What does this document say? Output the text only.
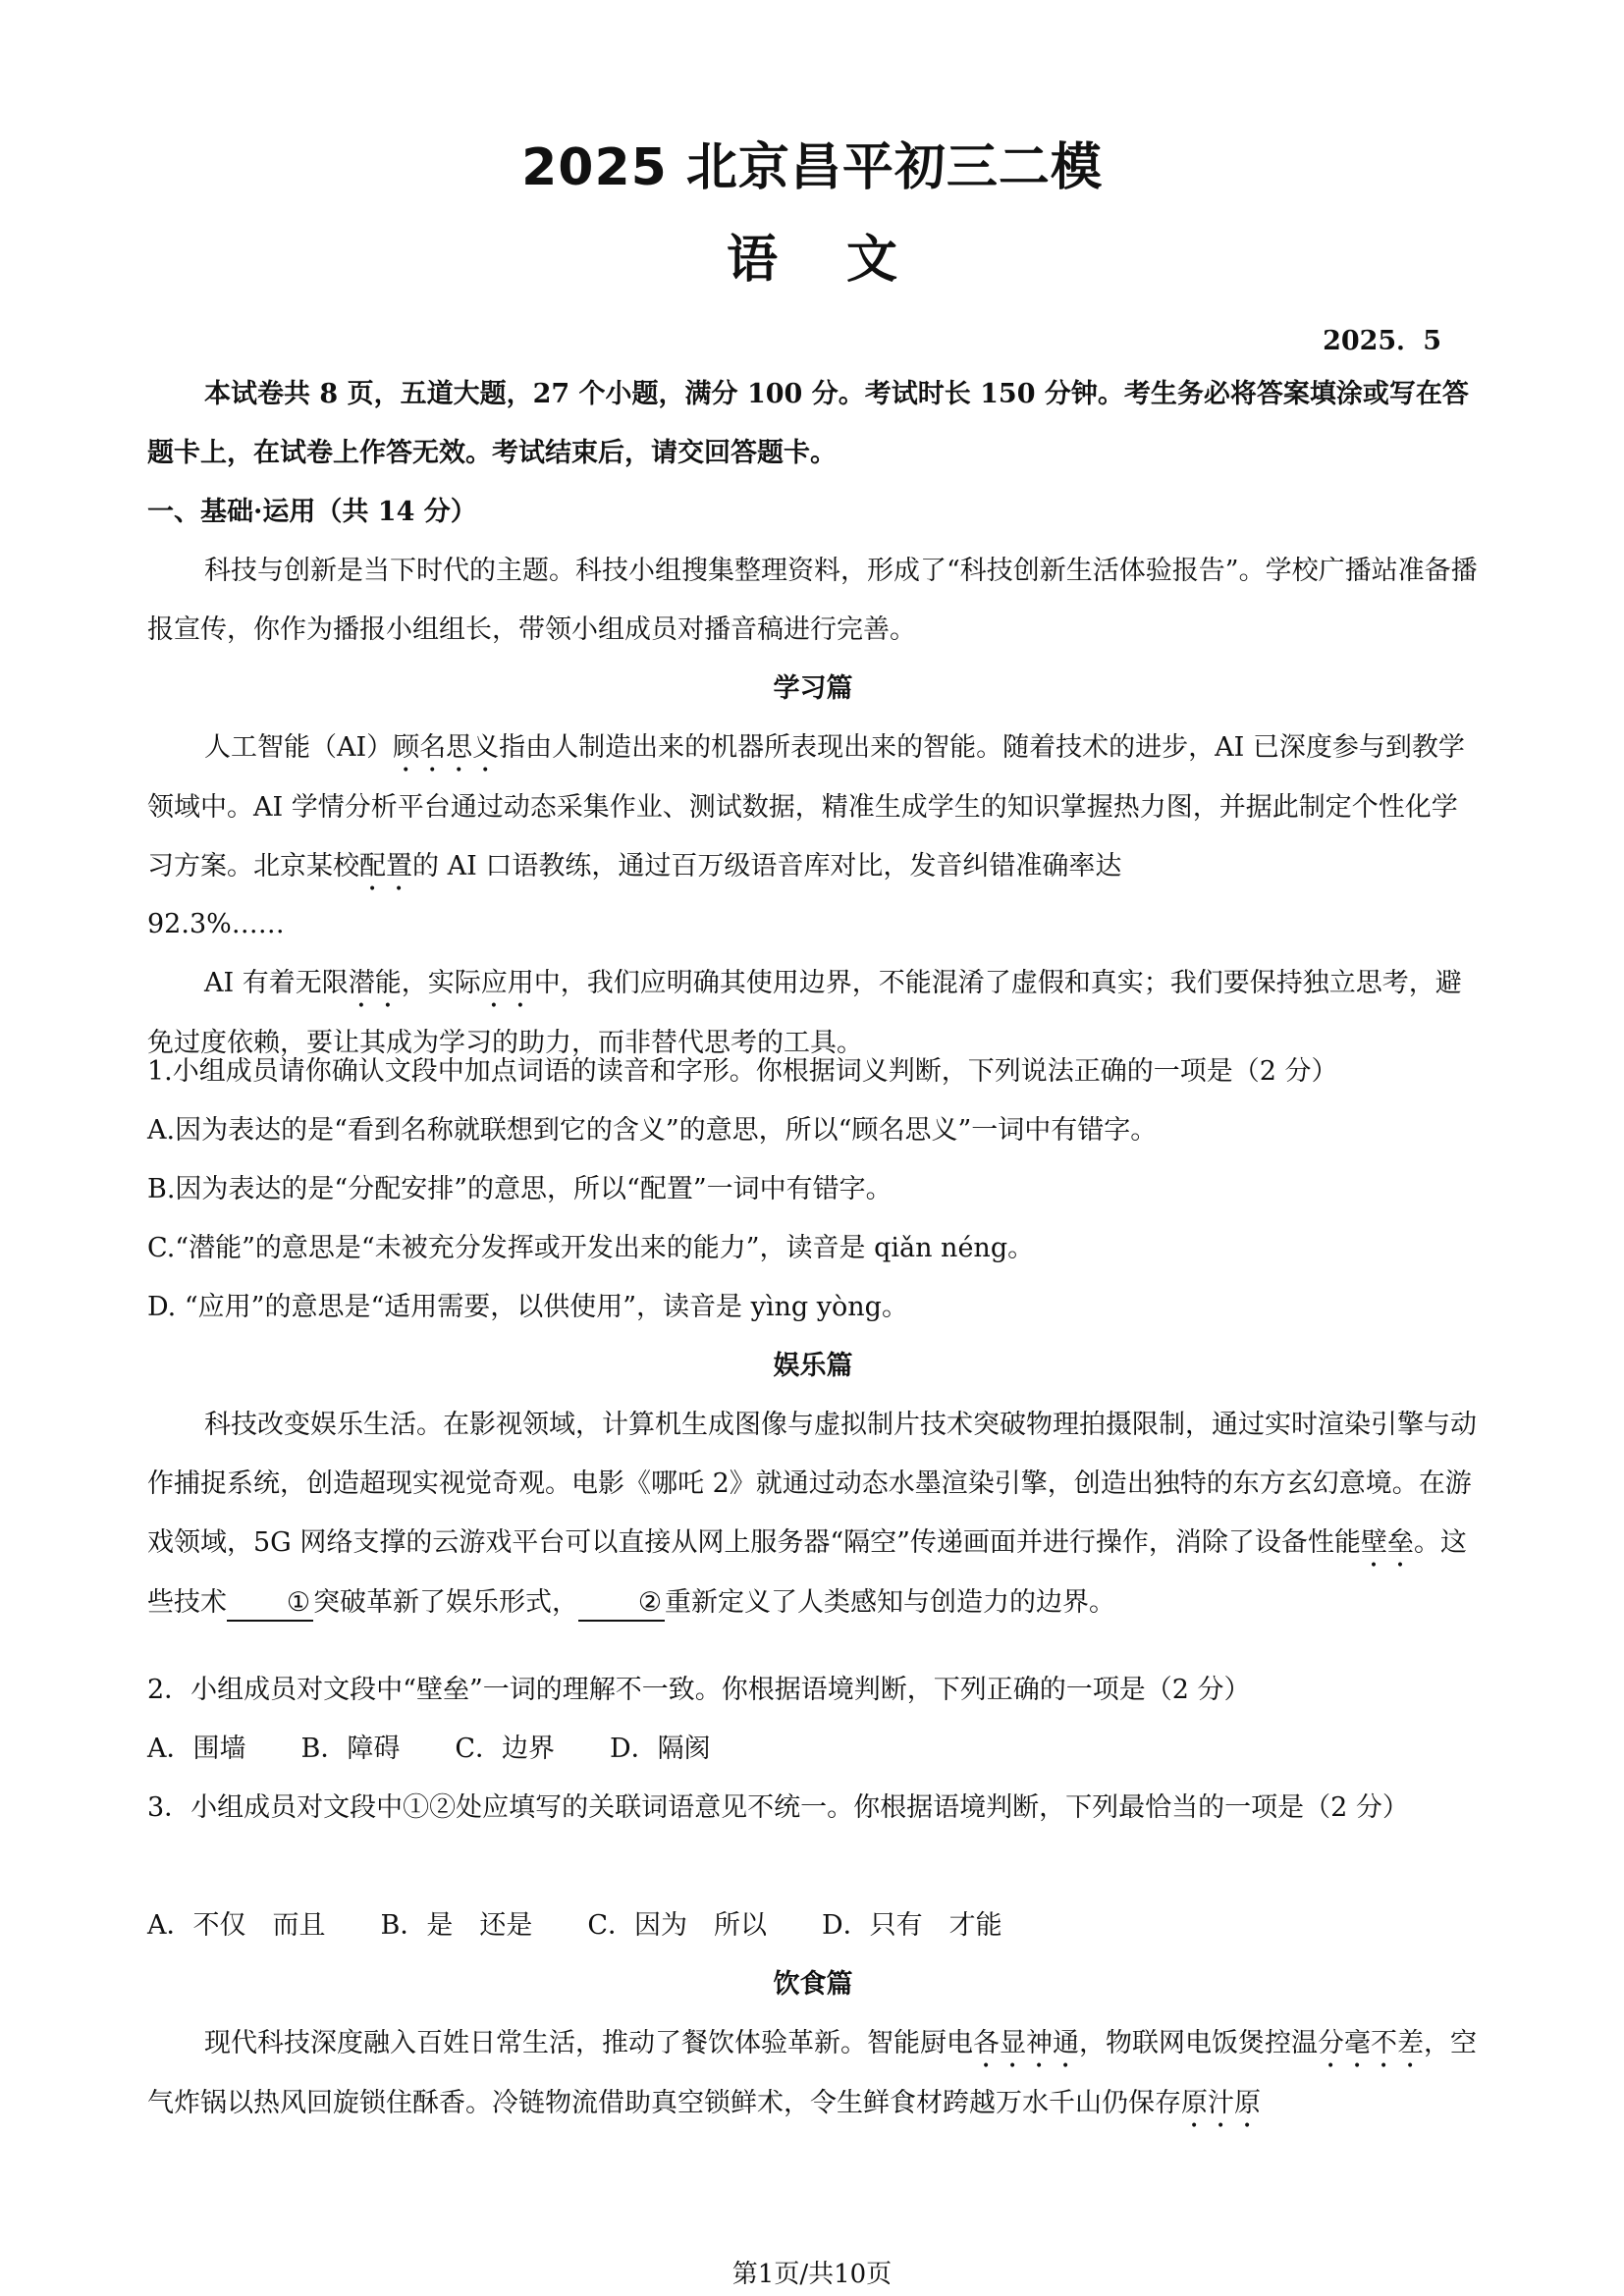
2025 北京昌平初三二模
语文
2025．5
本试卷共 8 页，五道大题，27 个小题，满分 100 分。考试时长 150 分钟。考生务必将答案填涂或写在答题卡上，在试卷上作答无效。考试结束后，请交回答题卡。
一、基础·运用（共 14 分）
科技与创新是当下时代的主题。科技小组搜集整理资料，形成了“科技创新生活体验报告”。学校广播站准备播报宣传，你作为播报小组组长，带领小组成员对播音稿进行完善。
学习篇
人工智能（AI）顾名思义指由人制造出来的机器所表现出来的智能。随着技术的进步，AI 已深度参与到教学领域中。AI 学情分析平台通过动态采集作业、测试数据，精准生成学生的知识掌握热力图，并据此制定个性化学习方案。北京某校配置的 AI 口语教练，通过百万级语音库对比，发音纠错准确率达
92.3%……
AI 有着无限潜能，实际应用中，我们应明确其使用边界，不能混淆了虚假和真实；我们要保持独立思考，避免过度依赖，要让其成为学习的助力，而非替代思考的工具。
1.小组成员请你确认文段中加点词语的读音和字形。你根据词义判断，下列说法正确的一项是（2 分）
A.因为表达的是“看到名称就联想到它的含义”的意思，所以“顾名思义”一词中有错字。
B.因为表达的是“分配安排”的意思，所以“配置”一词中有错字。
C.“潜能”的意思是“未被充分发挥或开发出来的能力”，读音是 qiǎn néng。
D. “应用”的意思是“适用需要，以供使用”，读音是 yìng yòng。
娱乐篇
科技改变娱乐生活。在影视领域，计算机生成图像与虚拟制片技术突破物理拍摄限制，通过实时渲染引擎与动作捕捉系统，创造超现实视觉奇观。电影《哪吒 2》就通过动态水墨渲染引擎，创造出独特的东方玄幻意境。在游戏领域，5G 网络支撑的云游戏平台可以直接从网上服务器“隔空”传递画面并进行操作，消除了设备性能壁垒。这些技术 ① 突破革新了娱乐形式， ② 重新定义了人类感知与创造力的边界。
2．小组成员对文段中“壁垒”一词的理解不一致。你根据语境判断，下列正确的一项是（2 分）
A．围墙 B．障碍 C．边界 D．隔阂
3．小组成员对文段中①②处应填写的关联词语意见不统一。你根据语境判断，下列最恰当的一项是（2 分）
A．不仅　而且 B．是　还是 C．因为　所以 D．只有　才能
饮食篇
现代科技深度融入百姓日常生活，推动了餐饮体验革新。智能厨电各显神通，物联网电饭煲控温分毫不差，空气炸锅以热风回旋锁住酥香。冷链物流借助真空锁鲜术，令生鲜食材跨越万水千山仍保存原汁原
第1页/共10页
